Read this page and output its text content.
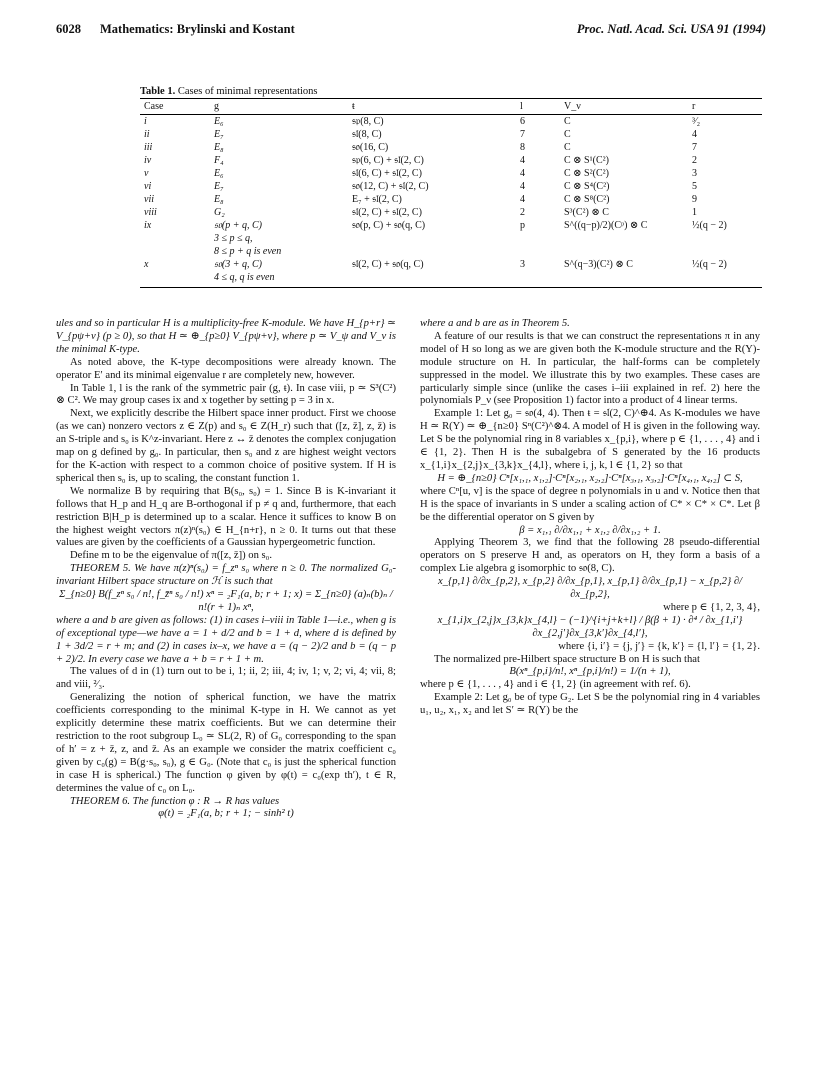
6028 Mathematics: Brylinski and Kostant	Proc. Natl. Acad. Sci. USA 91 (1994)
Table 1. Cases of minimal representations
Case	g	ŧ	l	V_ν	r
i	E₆	𝔰𝔭(8, C)	6	C	³⁄₂
ii	E₇	𝔰𝔩(8, C)	7	C	4
iii	E₈	𝔰𝔬(16, C)	8	C	7
iv	F₄	𝔰𝔭(6, C) + 𝔰𝔩(2, C)	4	C ⊗ S¹(C²)	2
v	E₆	𝔰𝔩(6, C) + 𝔰𝔩(2, C)	4	C ⊗ S²(C²)	3
vi	E₇	𝔰𝔬(12, C) + 𝔰𝔩(2, C)	4	C ⊗ S⁴(C²)	5
vii	E₈	E₇ + 𝔰𝔩(2, C)	4	C ⊗ S⁸(C²)	9
viii	G₂	𝔰𝔩(2, C) + 𝔰𝔩(2, C)	2	S³(C²) ⊗ C	1
ix	𝔰𝔬(p + q, C)	𝔰𝔬(p, C) + 𝔰𝔬(q, C)	p	S^((q−p)/2)(Cᵖ) ⊗ C	½(q − 2)
	3 ≤ p ≤ q,				
	8 ≤ p + q is even				
x	𝔰𝔬(3 + q, C)	𝔰𝔩(2, C) + 𝔰𝔬(q, C)	3	S^(q−3)(C²) ⊗ C	½(q − 2)
	4 ≤ q, q is even				

ules and so in particular H is a multiplicity-free K-module. We have H_{p+r} ≃ V_{pψ+ν} (p ≥ 0), so that H ≃ ⊕_{p≥0} V_{pψ+ν}, where p ≃ V_ψ and V_ν is the minimal K-type.

As noted above, the K-type decompositions were already known. The operator E′ and its minimal eigenvalue r are completely new, however.

In Table 1, l is the rank of the symmetric pair (g, ŧ). In case viii, p ≃ S³(C²) ⊗ C². We may group cases ix and x together by setting p = 3 in x.

Next, we explicitly describe the Hilbert space inner product. First we choose (as we can) nonzero vectors z ∈ Z(p) and s₀ ∈ Z(H_r) such that ([z, z̄], z, z̄) is an S-triple and s₀ is K^z-invariant. Here z ↔ z̄ denotes the complex conjugation map on g defined by g₀. In particular, then s₀ and z are highest weight vectors for the K-action with respect to a common choice of positive system. If H is spherical then s₀ is, up to scaling, the constant function 1.

We normalize B by requiring that B(s₀, s₀) = 1. Since B is K-invariant it follows that H_p and H_q are B-orthogonal if p ≠ q and, furthermore, that each restriction B|H_p is determined up to a scalar. Hence it suffices to know B on the highest weight vectors π(z)ⁿ(s₀) ∈ H_{n+r}, n ≥ 0. It turns out that these values are given by the coefficients of a Gaussian hypergeometric function.

Define m to be the eigenvalue of π([z, z̄]) on s₀.

THEOREM 5. We have π(z)ⁿ(s₀) = f_zⁿ s₀ where n ≥ 0. The normalized G₀-invariant Hilbert space structure on ℋ is such that

Σ_{n≥0} B(f_zⁿ s₀ / n!, f_z̄ⁿ s₀ / n!) xⁿ = ₂F₁(a, b; r + 1; x) = Σ_{n≥0} (a)ₙ(b)ₙ / n!(r + 1)ₙ xⁿ,

where a and b are given as follows: (1) in cases i–viii in Table 1—i.e., when g is of exceptional type—we have a = 1 + d/2 and b = 1 + d, where d is defined by 1 + 3d/2 = r + m; and (2) in cases ix–x, we have a = (q − 2)/2 and b = (q − p + 2)/2. In every case we have a + b = r + 1 + m.

The values of d in (1) turn out to be i, 1; ii, 2; iii, 4; iv, 1; v, 2; vi, 4; vii, 8; and viii, ²⁄₃.

Generalizing the notion of spherical function, we have the matrix coefficients corresponding to the minimal K-type in H. We cannot as yet explicitly determine these matrix coefficients. But we can determine their restriction to the root subgroup L₀ ≃ SL(2, R) of G₀ corresponding to the span of h′ = z + z̄, z, and z̄. As an example we consider the matrix coefficient c₀ given by c₀(g) = B(g·s₀, s₀), g ∈ G₀. (Note that c₀ is just the spherical function in case H is spherical.) The function φ given by φ(t) = c₀(exp th′), t ∈ R, determines the value of c₀ on L₀.

THEOREM 6. The function φ : R → R has values

φ(t) = ₂F₁(a, b; r + 1; − sinh² t)

where a and b are as in Theorem 5.

A feature of our results is that we can construct the representations π in any model of H so long as we are given both the K-module structure and the R(Y)-module structure on H. In particular, the half-forms can be completely suppressed in the model. We illustrate this by two examples. These cases are particularly simple since (unlike the cases i–iii explained in ref. 2) here the polynomials P_ν (see Proposition 1) factor into a product of 4 linear terms.

Example 1: Let g₀ = 𝔰𝔬(4, 4). Then ŧ = 𝔰𝔩(2, C)^⊕4. As K-modules we have H ≃ R(Y) ≃ ⊕_{n≥0} Sⁿ(C²)^⊗4. A model of H is given in the following way. Let S be the polynomial ring in 8 variables x_{p,i}, where p ∈ {1, . . . , 4} and i ∈ {1, 2}. Then H is the subalgebra of S generated by the 16 products x_{1,i}x_{2,j}x_{3,k}x_{4,l}, where i, j, k, l ∈ {1, 2} so that

H = ⊕_{n≥0} Cⁿ[x₁,₁, x₁,₂]·Cⁿ[x₂,₁, x₂,₂]·Cⁿ[x₃,₁, x₃,₂]·Cⁿ[x₄,₁, x₄,₂] ⊂ S,

where Cⁿ[u, v] is the space of degree n polynomials in u and v. Notice then that H is the space of invariants in S under a scaling action of C* × C* × C*. Let β be the differential operator on S given by

β = x₁,₁ ∂/∂x₁,₁ + x₁,₂ ∂/∂x₁,₂ + 1.

Applying Theorem 3, we find that the following 28 pseudo-differential operators on S preserve H and, as operators on H, they form a basis of a complex Lie algebra g isomorphic to 𝔰𝔬(8, C).

x_{p,1} ∂/∂x_{p,2}, x_{p,2} ∂/∂x_{p,1}, x_{p,1} ∂/∂x_{p,1} − x_{p,2} ∂/∂x_{p,2},

where p ∈ {1, 2, 3, 4},

x_{1,i}x_{2,j}x_{3,k}x_{4,l} − (−1)^{i+j+k+l} / β(β + 1) · ∂⁴ / ∂x_{1,i′}∂x_{2,j′}∂x_{3,k′}∂x_{4,l′},

where {i, i′} = {j, j′} = {k, k′} = {l, l′} = {1, 2}.

The normalized pre-Hilbert space structure B on H is such that

B(xⁿ_{p,i}/n!, xⁿ_{p,i}/n!) = 1/(n + 1),

where p ∈ {1, . . . , 4} and i ∈ {1, 2} (in agreement with ref. 6).

Example 2: Let g₀ be of type G₂. Let S be the polynomial ring in 4 variables u₁, u₂, x₁, x₂ and let S′ ≃ R(Y) be the
